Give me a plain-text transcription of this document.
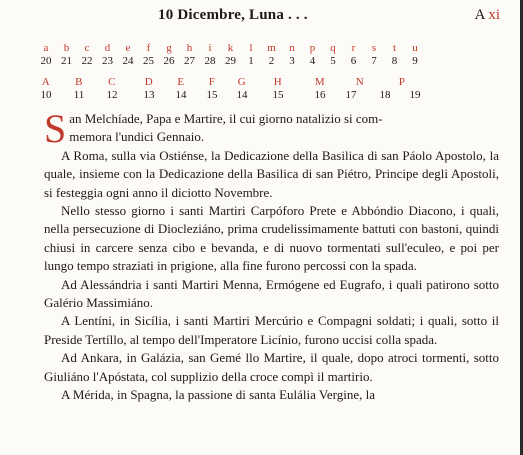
10 Dicembre, Luna . . .	A xi
a	b	c	d	e	f	g	h	i	k	l	m	n	p	q	r	s	t	u
20 21 22 23 24 25 26 27 28 29	1	2	3	4	5	6	7	8	9
A	B	C	D	E	F	G	H	M	N	P
10	11	12	13	14	15	14	15	16	17	18	19

S an Melchíade, Papa e Martire, il cui giorno natalizio si com-
memora l'undici Gennaio.

A Roma, sulla via Ostiénse, la Dedicazione della Basilica di san Páolo Apostolo, la quale, insieme con la Dedicazione della Basilica di san Piétro, Principe degli Apostoli, si festeggia ogni anno il diciotto Novembre.

Nello stesso giorno i santi Martiri Carpóforo Prete e Abbóndio Diacono, i quali, nella persecuzione di Diocleziáno, prima crudelissimamente battuti con bastoni, quindi chiusi in carcere senza cibo e bevanda, e di nuovo tormentati sull'eculeo, e poi per lungo tempo straziati in prigione, alla fine furono percossi con la spada.

Ad Alessándria i santi Martiri Menna, Ermógene ed Eugrafo, i quali patirono sotto Galério Massimiáno.

A Lentíni, in Sicília, i santi Martiri Mercúrio e Compagni soldati; i quali, sotto il Preside Tertíllo, al tempo dell'Imperatore Licínio, furono uccisi colla spada.

Ad Ankara, in Galázia, san Gemé llo Martire, il quale, dopo atroci tormenti, sotto Giuliáno l'Apóstata, col supplizio della croce compì il martirio.

A Mérida, in Spagna, la passione di santa Eulália Vergine, la
